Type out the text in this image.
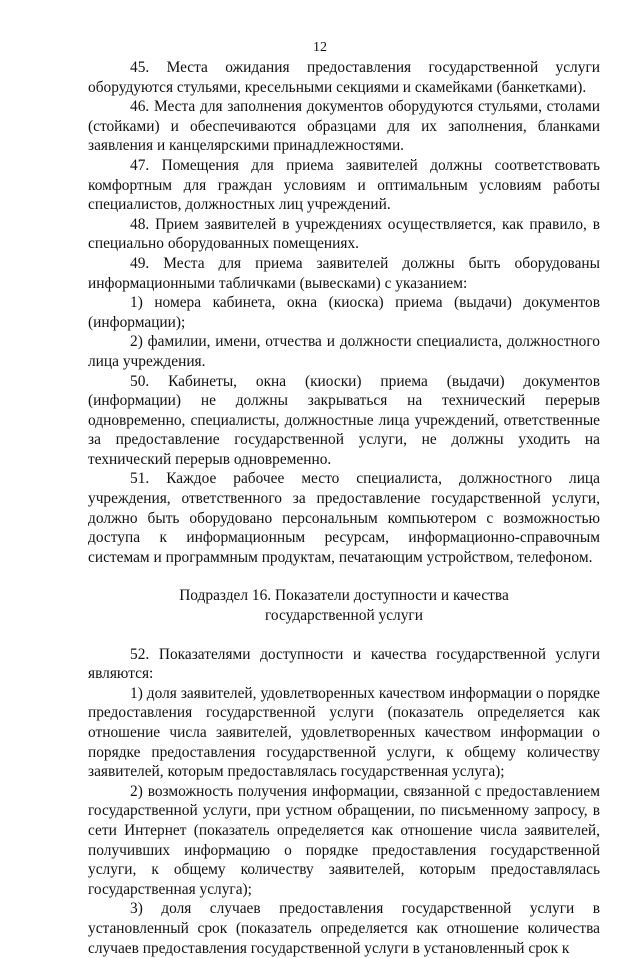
12

45. Места ожидания предоставления государственной услуги оборудуются стульями, кресельными секциями и скамейками (банкетками).

46. Места для заполнения документов оборудуются стульями, столами (стойками) и обеспечиваются образцами для их заполнения, бланками заявления и канцелярскими принадлежностями.

47. Помещения для приема заявителей должны соответствовать комфортным для граждан условиям и оптимальным условиям работы специалистов, должностных лиц учреждений.

48. Прием заявителей в учреждениях осуществляется, как правило, в специально оборудованных помещениях.

49. Места для приема заявителей должны быть оборудованы информационными табличками (вывесками) с указанием:

1) номера кабинета, окна (киоска) приема (выдачи) документов (информации);

2) фамилии, имени, отчества и должности специалиста, должностного лица учреждения.

50. Кабинеты, окна (киоски) приема (выдачи) документов (информации) не должны закрываться на технический перерыв одновременно, специалисты, должностные лица учреждений, ответственные за предоставление государственной услуги, не должны уходить на технический перерыв одновременно.

51. Каждое рабочее место специалиста, должностного лица учреждения, ответственного за предоставление государственной услуги, должно быть оборудовано персональным компьютером с возможностью доступа к информационным ресурсам, информационно-справочным системам и программным продуктам, печатающим устройством, телефоном.

Подраздел 16. Показатели доступности и качества
государственной услуги

52. Показателями доступности и качества государственной услуги являются:

1) доля заявителей, удовлетворенных качеством информации о порядке предоставления государственной услуги (показатель определяется как отношение числа заявителей, удовлетворенных качеством информации о порядке предоставления государственной услуги, к общему количеству заявителей, которым предоставлялась государственная услуга);

2) возможность получения информации, связанной с предоставлением государственной услуги, при устном обращении, по письменному запросу, в сети Интернет (показатель определяется как отношение числа заявителей, получивших информацию о порядке предоставления государственной услуги, к общему количеству заявителей, которым предоставлялась государственная услуга);

3) доля случаев предоставления государственной услуги в установленный срок (показатель определяется как отношение количества случаев предоставления государственной услуги в установленный срок к
